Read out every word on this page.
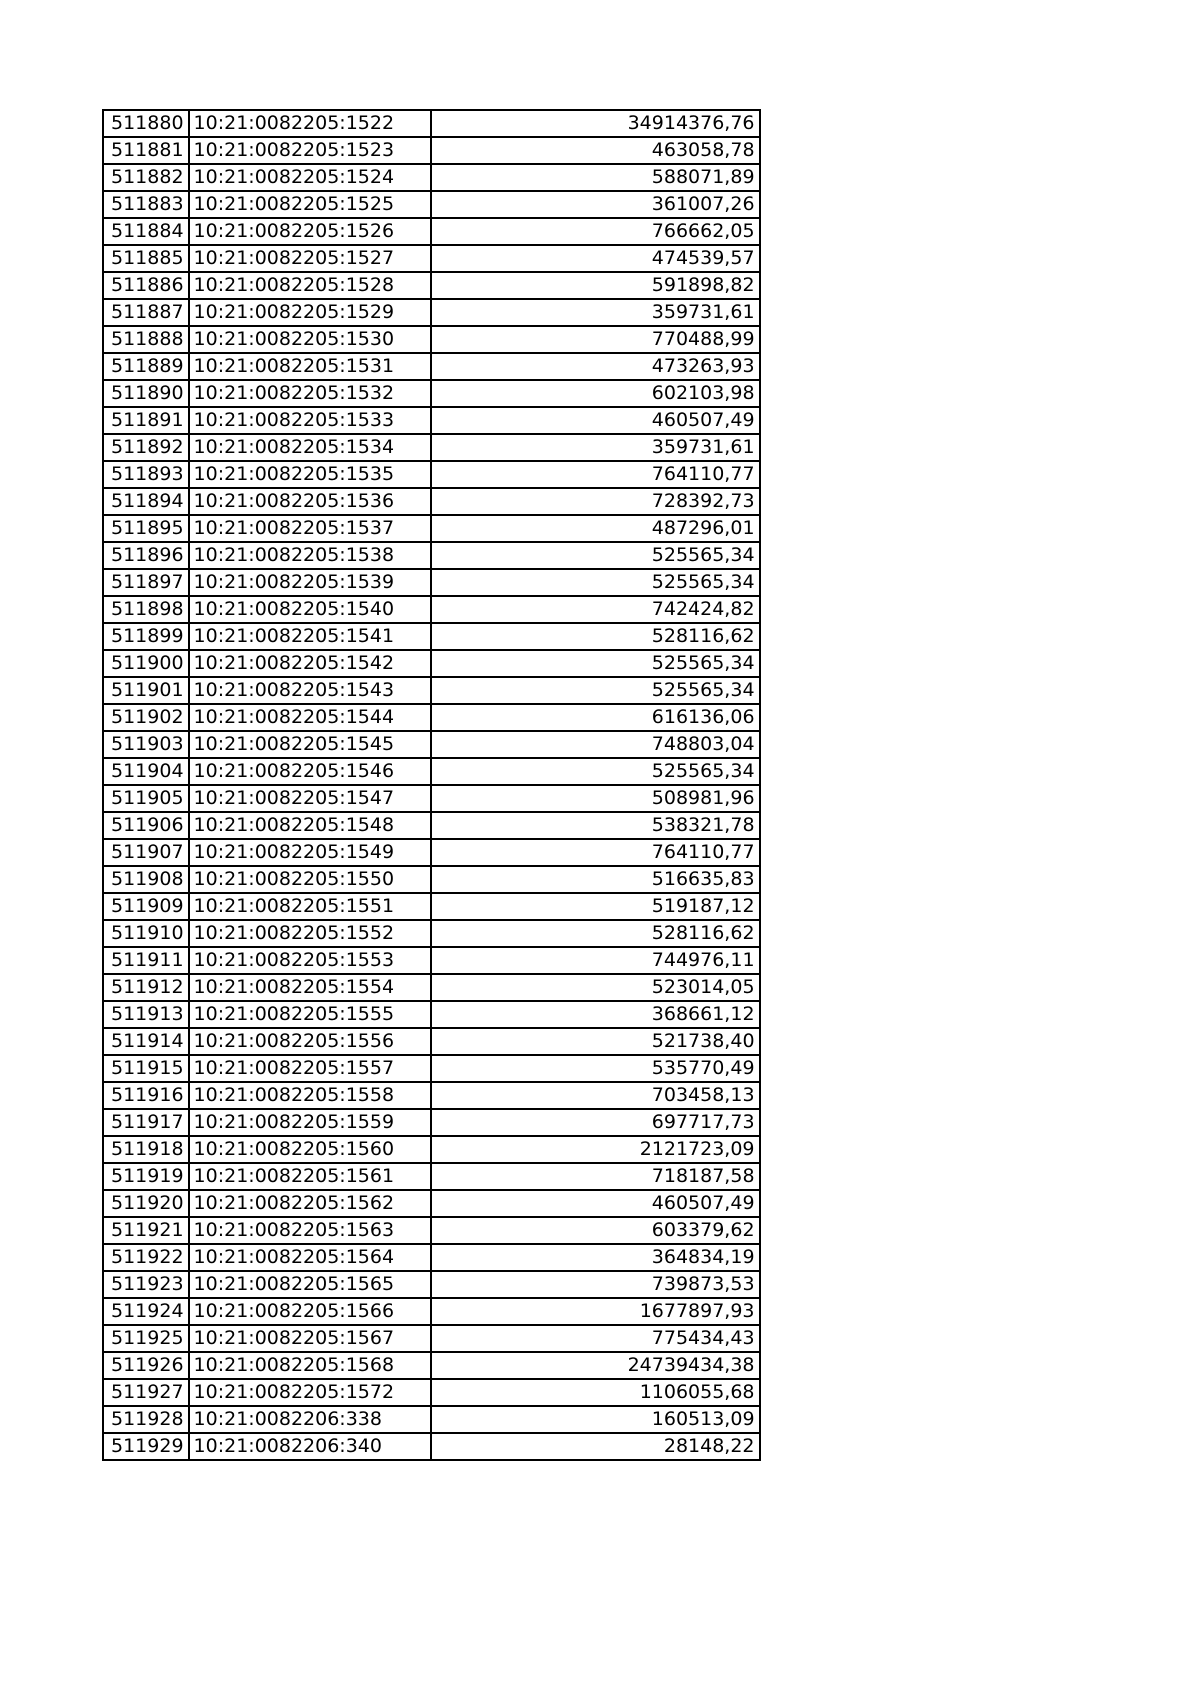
511880	10:21:0082205:1522	34914376,76
511881	10:21:0082205:1523	463058,78
511882	10:21:0082205:1524	588071,89
511883	10:21:0082205:1525	361007,26
511884	10:21:0082205:1526	766662,05
511885	10:21:0082205:1527	474539,57
511886	10:21:0082205:1528	591898,82
511887	10:21:0082205:1529	359731,61
511888	10:21:0082205:1530	770488,99
511889	10:21:0082205:1531	473263,93
511890	10:21:0082205:1532	602103,98
511891	10:21:0082205:1533	460507,49
511892	10:21:0082205:1534	359731,61
511893	10:21:0082205:1535	764110,77
511894	10:21:0082205:1536	728392,73
511895	10:21:0082205:1537	487296,01
511896	10:21:0082205:1538	525565,34
511897	10:21:0082205:1539	525565,34
511898	10:21:0082205:1540	742424,82
511899	10:21:0082205:1541	528116,62
511900	10:21:0082205:1542	525565,34
511901	10:21:0082205:1543	525565,34
511902	10:21:0082205:1544	616136,06
511903	10:21:0082205:1545	748803,04
511904	10:21:0082205:1546	525565,34
511905	10:21:0082205:1547	508981,96
511906	10:21:0082205:1548	538321,78
511907	10:21:0082205:1549	764110,77
511908	10:21:0082205:1550	516635,83
511909	10:21:0082205:1551	519187,12
511910	10:21:0082205:1552	528116,62
511911	10:21:0082205:1553	744976,11
511912	10:21:0082205:1554	523014,05
511913	10:21:0082205:1555	368661,12
511914	10:21:0082205:1556	521738,40
511915	10:21:0082205:1557	535770,49
511916	10:21:0082205:1558	703458,13
511917	10:21:0082205:1559	697717,73
511918	10:21:0082205:1560	2121723,09
511919	10:21:0082205:1561	718187,58
511920	10:21:0082205:1562	460507,49
511921	10:21:0082205:1563	603379,62
511922	10:21:0082205:1564	364834,19
511923	10:21:0082205:1565	739873,53
511924	10:21:0082205:1566	1677897,93
511925	10:21:0082205:1567	775434,43
511926	10:21:0082205:1568	24739434,38
511927	10:21:0082205:1572	1106055,68
511928	10:21:0082206:338	160513,09
511929	10:21:0082206:340	28148,22
